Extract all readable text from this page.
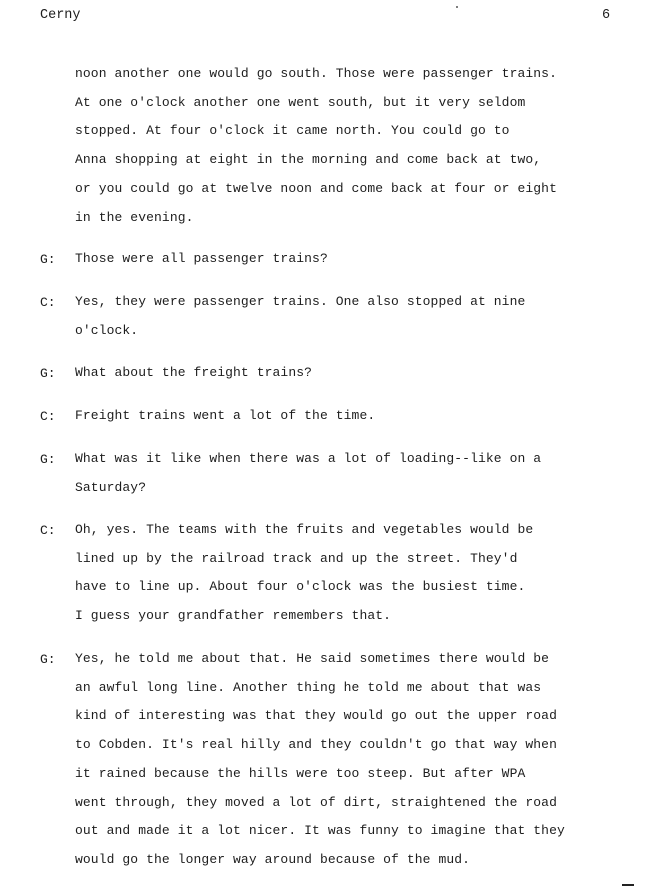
Cerny	6
noon another one would go south. Those were passenger trains.
At one o'clock another one went south, but it very seldom
stopped. At four o'clock it came north. You could go to
Anna shopping at eight in the morning and come back at two,
or you could go at twelve noon and come back at four or eight
in the evening.
G: Those were all passenger trains?
C: Yes, they were passenger trains. One also stopped at nine
o'clock.
G: What about the freight trains?
C: Freight trains went a lot of the time.
G: What was it like when there was a lot of loading--like on a
Saturday?
C: Oh, yes. The teams with the fruits and vegetables would be
lined up by the railroad track and up the street. They'd
have to line up. About four o'clock was the busiest time.
I guess your grandfather remembers that.
G: Yes, he told me about that. He said sometimes there would be
an awful long line. Another thing he told me about that was
kind of interesting was that they would go out the upper road
to Cobden. It's real hilly and they couldn't go that way when
it rained because the hills were too steep. But after WPA
went through, they moved a lot of dirt, straightened the road
out and made it a lot nicer. It was funny to imagine that they
would go the longer way around because of the mud.
